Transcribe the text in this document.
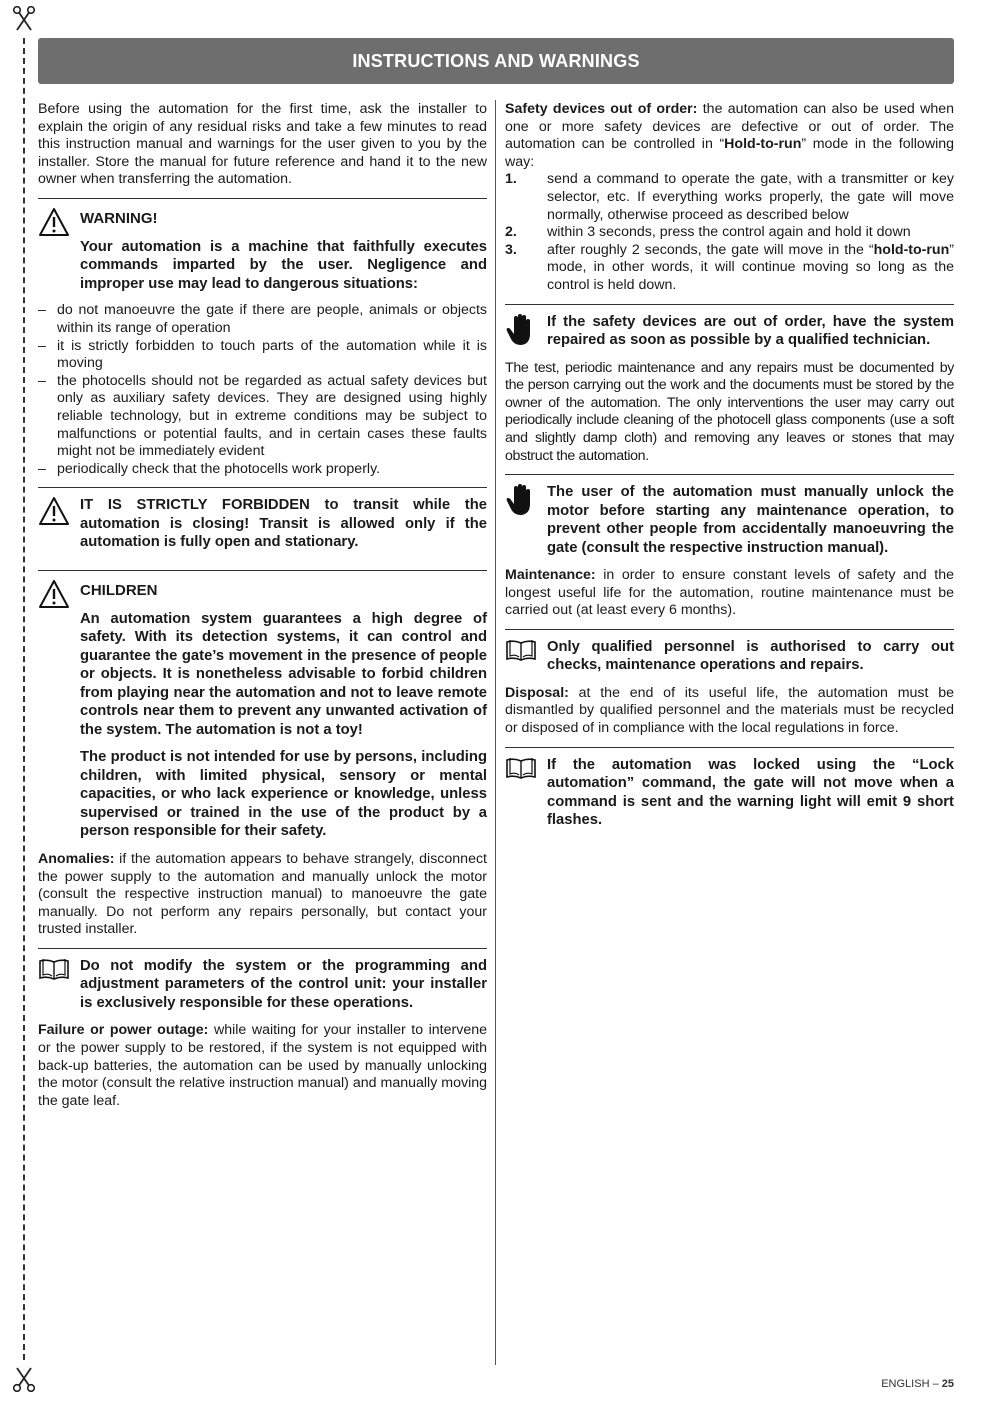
INSTRUCTIONS AND WARNINGS

Before using the automation for the first time, ask the installer to explain the origin of any residual risks and take a few minutes to read this instruction manual and warnings for the user given to you by the installer. Store the manual for future reference and hand it to the new owner when transferring the automation.

WARNING!

Your automation is a machine that faithfully executes commands imparted by the user. Negligence and improper use may lead to dangerous situations:

– do not manoeuvre the gate if there are people, animals or objects within its range of operation
– it is strictly forbidden to touch parts of the automation while it is moving
– the photocells should not be regarded as actual safety devices but only as auxiliary safety devices. They are designed using highly reliable technology, but in extreme conditions may be subject to malfunctions or potential faults, and in certain cases these faults might not be immediately evident
– periodically check that the photocells work properly.

IT IS STRICTLY FORBIDDEN to transit while the automation is closing! Transit is allowed only if the automation is fully open and stationary.

CHILDREN

An automation system guarantees a high degree of safety. With its detection systems, it can control and guarantee the gate’s movement in the presence of people or objects. It is nonetheless advisable to forbid children from playing near the automation and not to leave remote controls near them to prevent any unwanted activation of the system. The automation is not a toy!

The product is not intended for use by persons, including children, with limited physical, sensory or mental capacities, or who lack experience or knowledge, unless supervised or trained in the use of the product by a person responsible for their safety.

Anomalies: if the automation appears to behave strangely, disconnect the power supply to the automation and manually unlock the motor (consult the respective instruction manual) to manoeuvre the gate manually. Do not perform any repairs personally, but contact your trusted installer.

Do not modify the system or the programming and adjustment parameters of the control unit: your installer is exclusively responsible for these operations.

Failure or power outage: while waiting for your installer to intervene or the power supply to be restored, if the system is not equipped with back-up batteries, the automation can be used by manually unlocking the motor (consult the relative instruction manual) and manually moving the gate leaf.

Safety devices out of order: the automation can also be used when one or more safety devices are defective or out of order. The automation can be controlled in “Hold-to-run” mode in the following way:

1.	send a command to operate the gate, with a transmitter or key selector, etc. If everything works properly, the gate will move normally, otherwise proceed as described below
2.	within 3 seconds, press the control again and hold it down
3.	after roughly 2 seconds, the gate will move in the “hold-to-run” mode, in other words, it will continue moving so long as the control is held down.

If the safety devices are out of order, have the system repaired as soon as possible by a qualified technician.

The test, periodic maintenance and any repairs must be documented by the person carrying out the work and the documents must be stored by the owner of the automation. The only interventions the user may carry out periodically include cleaning of the photocell glass components (use a soft and slightly damp cloth) and removing any leaves or stones that may obstruct the automation.

The user of the automation must manually unlock the motor before starting any maintenance operation, to prevent other people from accidentally manoeuvring the gate (consult the respective instruction manual).

Maintenance: in order to ensure constant levels of safety and the longest useful life for the automation, routine maintenance must be carried out (at least every 6 months).

Only qualified personnel is authorised to carry out checks, maintenance operations and repairs.

Disposal: at the end of its useful life, the automation must be dismantled by qualified personnel and the materials must be recycled or disposed of in compliance with the local regulations in force.

If the automation was locked using the “Lock automation” command, the gate will not move when a command is sent and the warning light will emit 9 short flashes.

ENGLISH – 25
